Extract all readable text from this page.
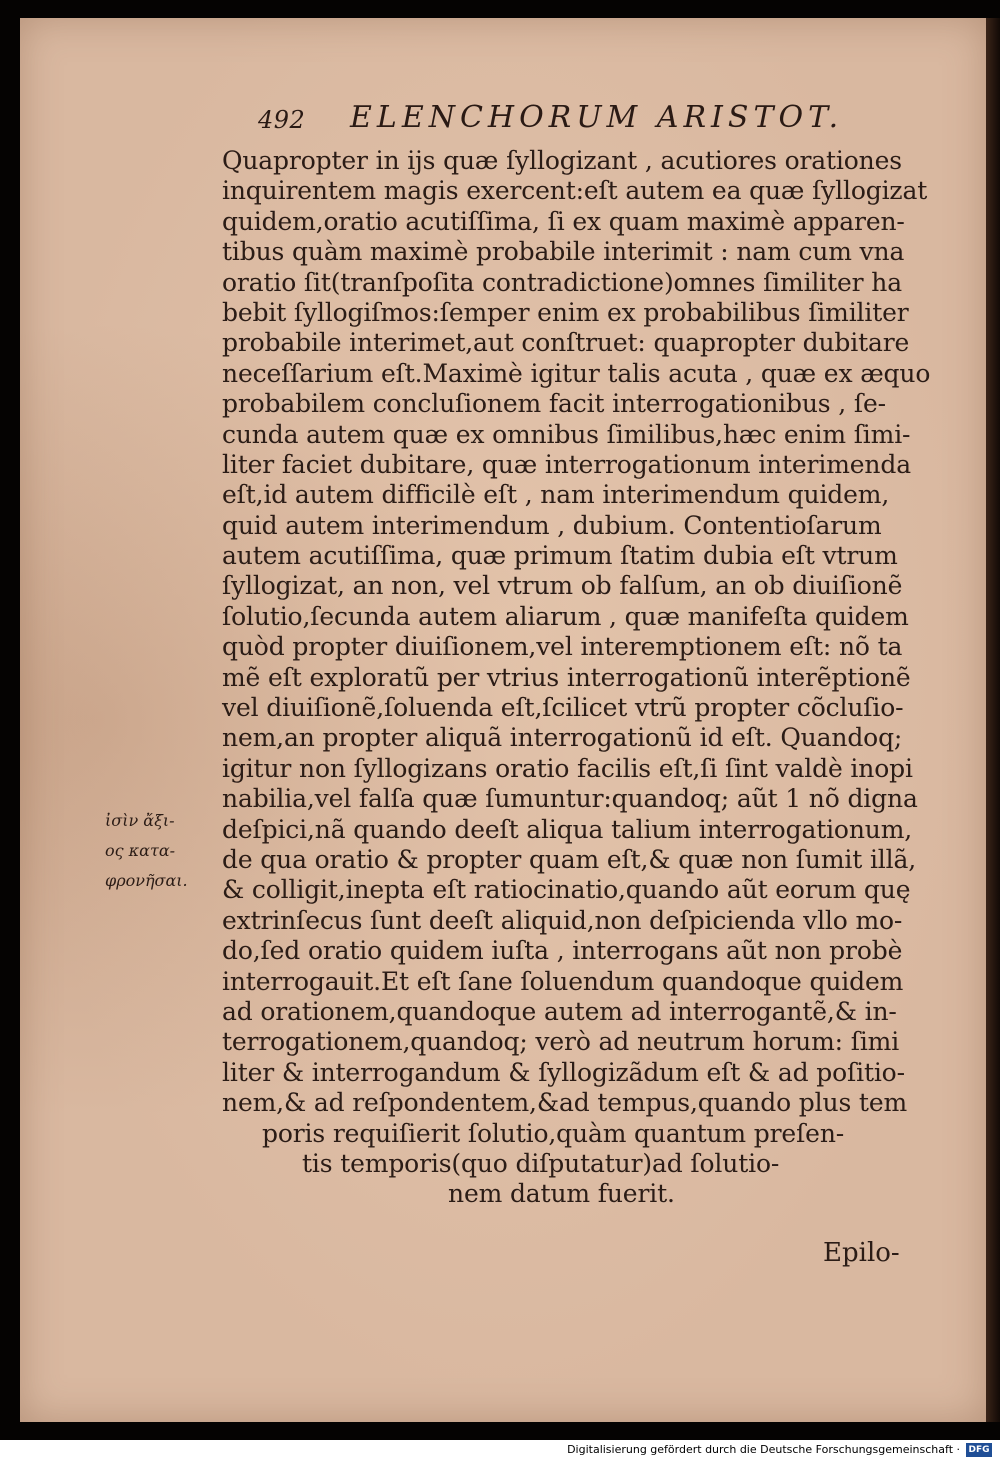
492 ELENCHORUM ARISTOT.
Quapropter in ijs quæ ſyllogizant , acutiores orationes
inquirentem magis exercent:eſt autem ea quæ ſyllogizat
quidem,oratio acutiſſima, ſi ex quam maximè apparen-
tibus quàm maximè probabile interimit : nam cum vna
oratio ſit(tranſpoſita contradictione)omnes ſimiliter ha
bebit ſyllogiſmos:ſemper enim ex probabilibus ſimiliter
probabile interimet,aut conſtruet: quapropter dubitare
neceſſarium eſt.Maximè igitur talis acuta , quæ ex æquo
probabilem concluſionem facit interrogationibus , ſe-
cunda autem quæ ex omnibus ſimilibus,hæc enim ſimi-
liter faciet dubitare, quæ interrogationum interimenda
eſt,id autem difficilè eſt , nam interimendum quidem,
quid autem interimendum , dubium. Contentioſarum
autem acutiſſima, quæ primum ſtatim dubia eſt vtrum
ſyllogizat, an non, vel vtrum ob falſum, an ob diuiſionẽ
ſolutio,ſecunda autem aliarum , quæ manifeſta quidem
quòd propter diuiſionem,vel interemptionem eſt: nõ ta
mẽ eſt exploratũ per vtrius interrogationũ interẽptionẽ
vel diuiſionẽ,ſoluenda eſt,ſcilicet vtrũ propter cõcluſio-
nem,an propter aliquã interrogationũ id eſt. Quandoq;
igitur non ſyllogizans oratio facilis eſt,ſi ſint valdè inopi
nabilia,vel falſa quæ ſumuntur:quandoq; aũt 1 nõ digna
deſpici,nã quando deeſt aliqua talium interrogationum,
de qua oratio & propter quam eſt,& quæ non ſumit illã,
& colligit,inepta eſt ratiocinatio,quando aũt eorum quę
extrinſecus ſunt deeſt aliquid,non deſpicienda vllo mo-
do,ſed oratio quidem iuſta , interrogans aũt non probè
interrogauit.Et eſt ſane ſoluendum quandoque quidem
ad orationem,quandoque autem ad interrogantẽ,& in-
terrogationem,quandoq; verò ad neutrum horum: ſimi
liter & interrogandum & ſyllogizãdum eſt & ad poſitio-
nem,& ad reſpondentem,&ad tempus,quando plus tem
poris requiſierit ſolutio,quàm quantum preſen-
tis temporis(quo diſputatur)ad ſolutio-
nem datum fuerit.
ἰσὶν ἄξι-
ος κατα-
φρονῆσαι.
Epilo-
Digitalisierung gefördert durch die Deutsche Forschungsgemeinschaft · DFG
